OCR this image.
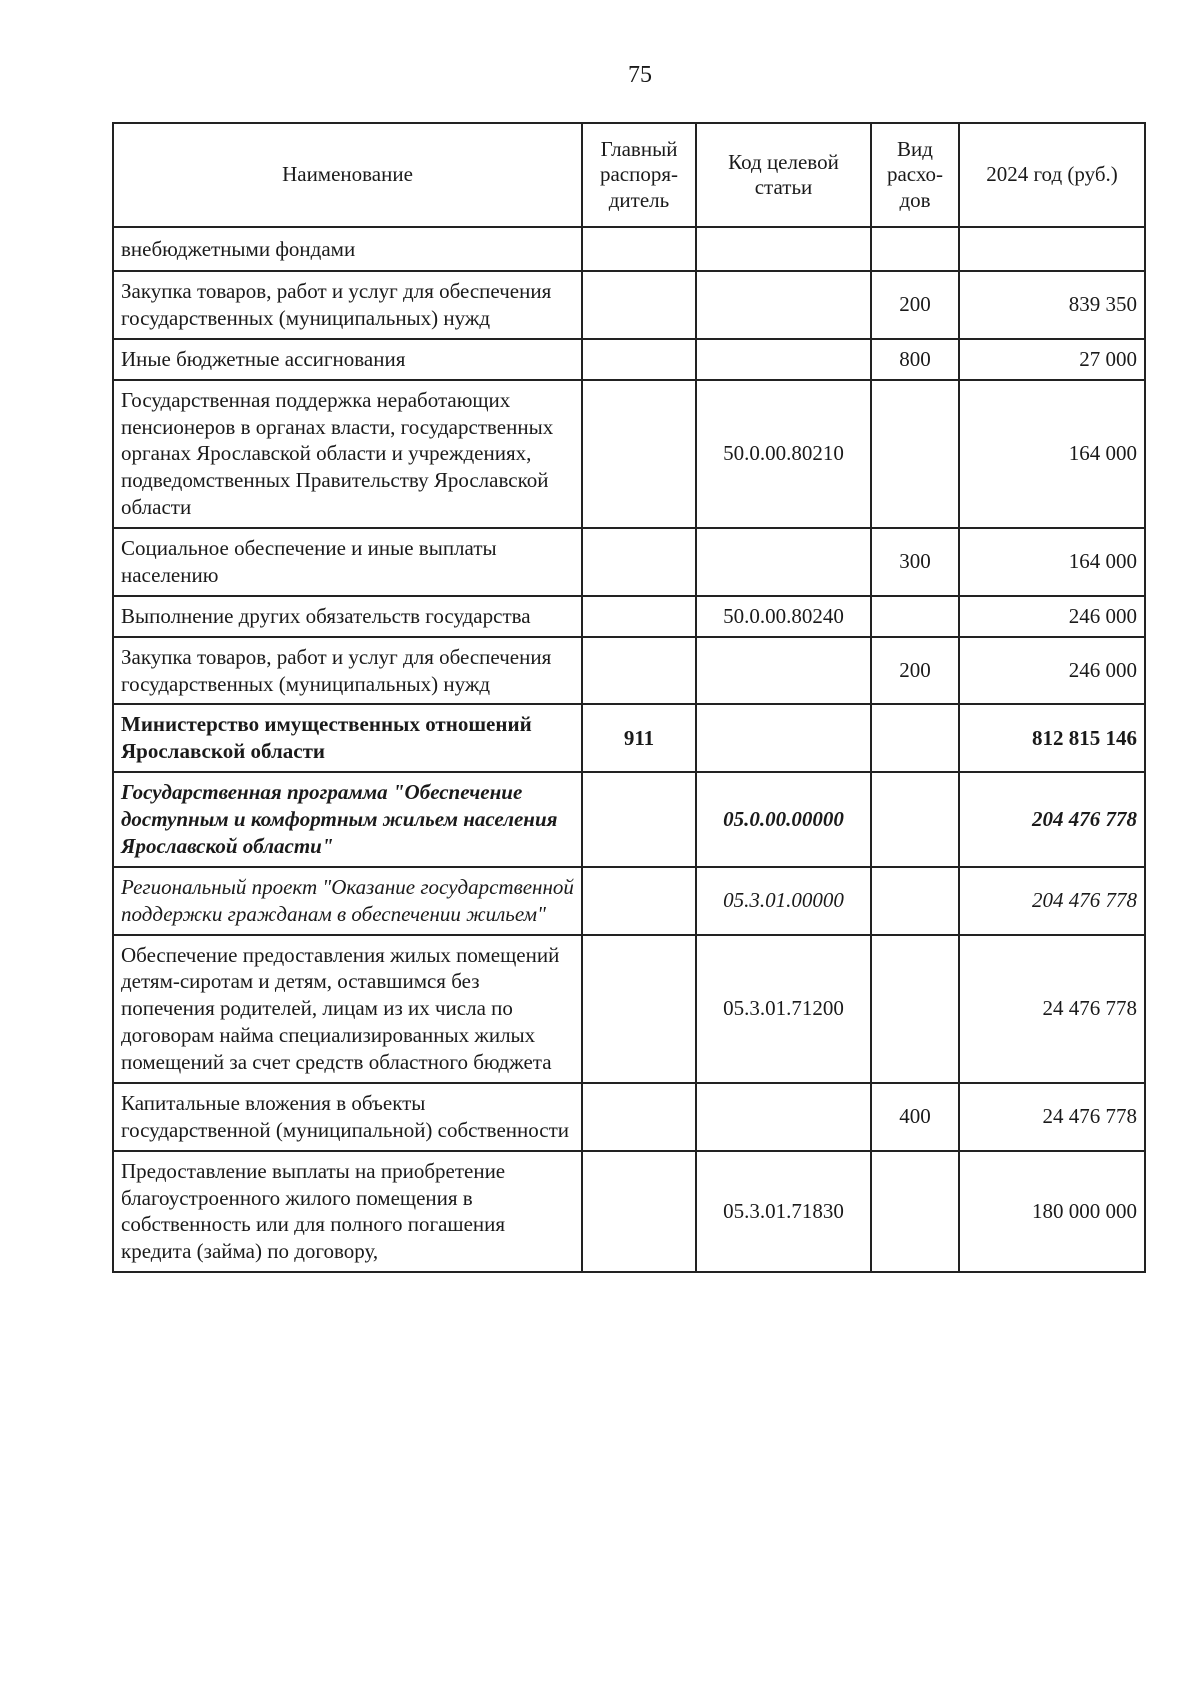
75
Наименование	Главный распоря-дитель	Код целевой статьи	Вид расхо-дов	2024 год (руб.)
внебюджетными фондами				
Закупка товаров, работ и услуг для обеспечения государственных (муниципальных) нужд			200	839 350
Иные бюджетные ассигнования			800	27 000
Государственная поддержка неработающих пенсионеров в органах власти, государственных органах Ярославской области и учреждениях, подведомственных Правительству Ярославской области		50.0.00.80210		164 000
Социальное обеспечение и иные выплаты населению			300	164 000
Выполнение других обязательств государства		50.0.00.80240		246 000
Закупка товаров, работ и услуг для обеспечения государственных (муниципальных) нужд			200	246 000
Министерство имущественных отношений Ярославской области	911			812 815 146
Государственная программа "Обеспечение доступным и комфортным жильем населения Ярославской области"		05.0.00.00000		204 476 778
Региональный проект "Оказание государственной поддержки гражданам в обеспечении жильем"		05.3.01.00000		204 476 778
Обеспечение предоставления жилых помещений детям-сиротам и детям, оставшимся без попечения родителей, лицам из их числа по договорам найма специализированных жилых помещений за счет средств областного бюджета		05.3.01.71200		24 476 778
Капитальные вложения в объекты государственной (муниципальной) собственности			400	24 476 778
Предоставление выплаты на приобретение благоустроенного жилого помещения в собственность или для полного погашения кредита (займа) по договору,		05.3.01.71830		180 000 000
